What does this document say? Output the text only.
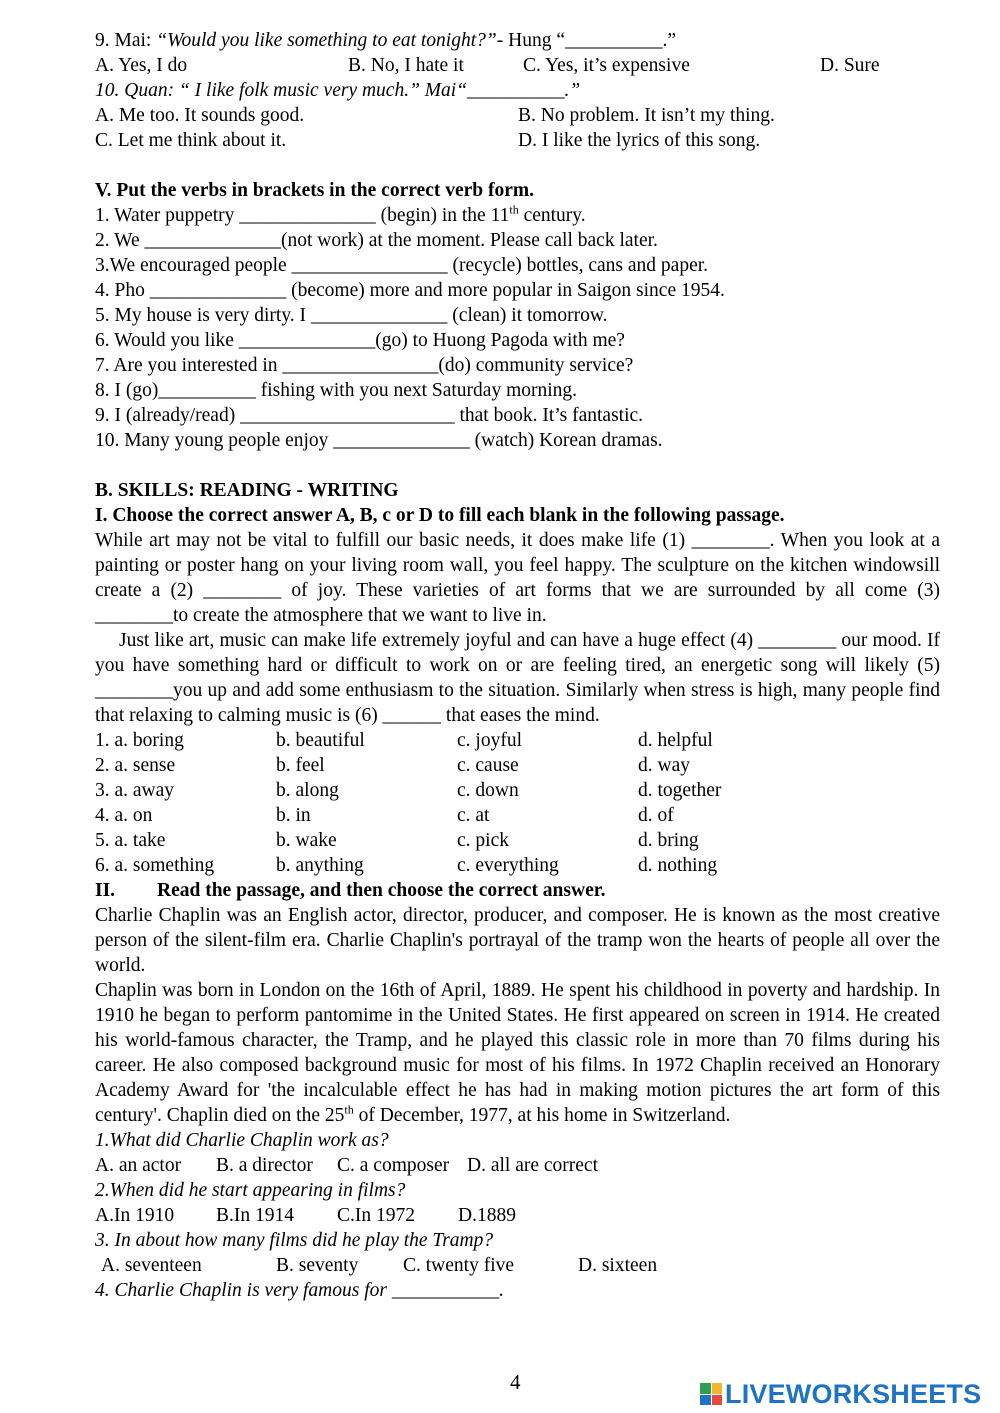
9. Mai: “Would you like something to eat tonight?”- Hung “__________.”
A. Yes, I do	B. No, I hate it	C. Yes, it’s expensive	D. Sure
10. Quan: “ I like folk music very much.” Mai“__________.”
A. Me too. It sounds good.	B. No problem. It isn’t my thing.
C. Let me think about it.	D. I like the lyrics of this song.
V. Put the verbs in brackets in the correct verb form.
1. Water puppetry ______________ (begin) in the 11th century.
2. We ______________(not work) at the moment. Please call back later.
3.We encouraged people ________________ (recycle) bottles, cans and paper.
4. Pho ______________ (become) more and more popular in Saigon since 1954.
5. My house is very dirty. I ______________ (clean) it tomorrow.
6. Would you like ______________(go) to Huong Pagoda with me?
7. Are you interested in ________________(do) community service?
8. I (go)__________ fishing with you next Saturday morning.
9. I (already/read) ______________________ that book. It’s fantastic.
10. Many young people enjoy ______________ (watch) Korean dramas.
B. SKILLS: READING - WRITING
I. Choose the correct answer A, B, c or D to fill each blank in the following passage.
While art may not be vital to fulfill our basic needs, it does make life (1) ________. When you look at a painting or poster hang on your living room wall, you feel happy. The sculpture on the kitchen windowsill create a (2) ________ of joy. These varieties of art forms that we are surrounded by all come (3) ________to create the atmosphere that we want to live in.
Just like art, music can make life extremely joyful and can have a huge effect (4) ________ our mood. If you have something hard or difficult to work on or are feeling tired, an energetic song will likely (5) ________you up and add some enthusiasm to the situation. Similarly when stress is high, many people find that relaxing to calming music is (6) ______ that eases the mind.
1. a. boring	b. beautiful	c. joyful	d. helpful
2. a. sense	b. feel	c. cause	d. way
3. a. away	b. along	c. down	d. together
4. a. on	b. in	c. at	d. of
5. a. take	b. wake	c. pick	d. bring
6. a. something	b. anything	c. everything	d. nothing
II. Read the passage, and then choose the correct answer.
Charlie Chaplin was an English actor, director, producer, and composer. He is known as the most creative person of the silent-film era. Charlie Chaplin's portrayal of the tramp won the hearts of people all over the world.
Chaplin was born in London on the 16th of April, 1889. He spent his childhood in poverty and hardship. In 1910 he began to perform pantomime in the United States. He first appeared on screen in 1914. He created his world-famous character, the Tramp, and he played this classic role in more than 70 films during his career. He also composed background music for most of his films. In 1972 Chaplin received an Honorary Academy Award for 'the incalculable effect he has had in making motion pictures the art form of this century'. Chaplin died on the 25th of December, 1977, at his home in Switzerland.
1.What did Charlie Chaplin work as?
A. an actor B. a director C. a composer D. all are correct
2.When did he start appearing in films?
A.In 1910 B.In 1914 C.In 1972 D.1889
3. In about how many films did he play the Tramp?
A. seventeen	B. seventy C. twenty five	D. sixteen
4. Charlie Chaplin is very famous for ___________.
4	LIVEWORKSHEETS
